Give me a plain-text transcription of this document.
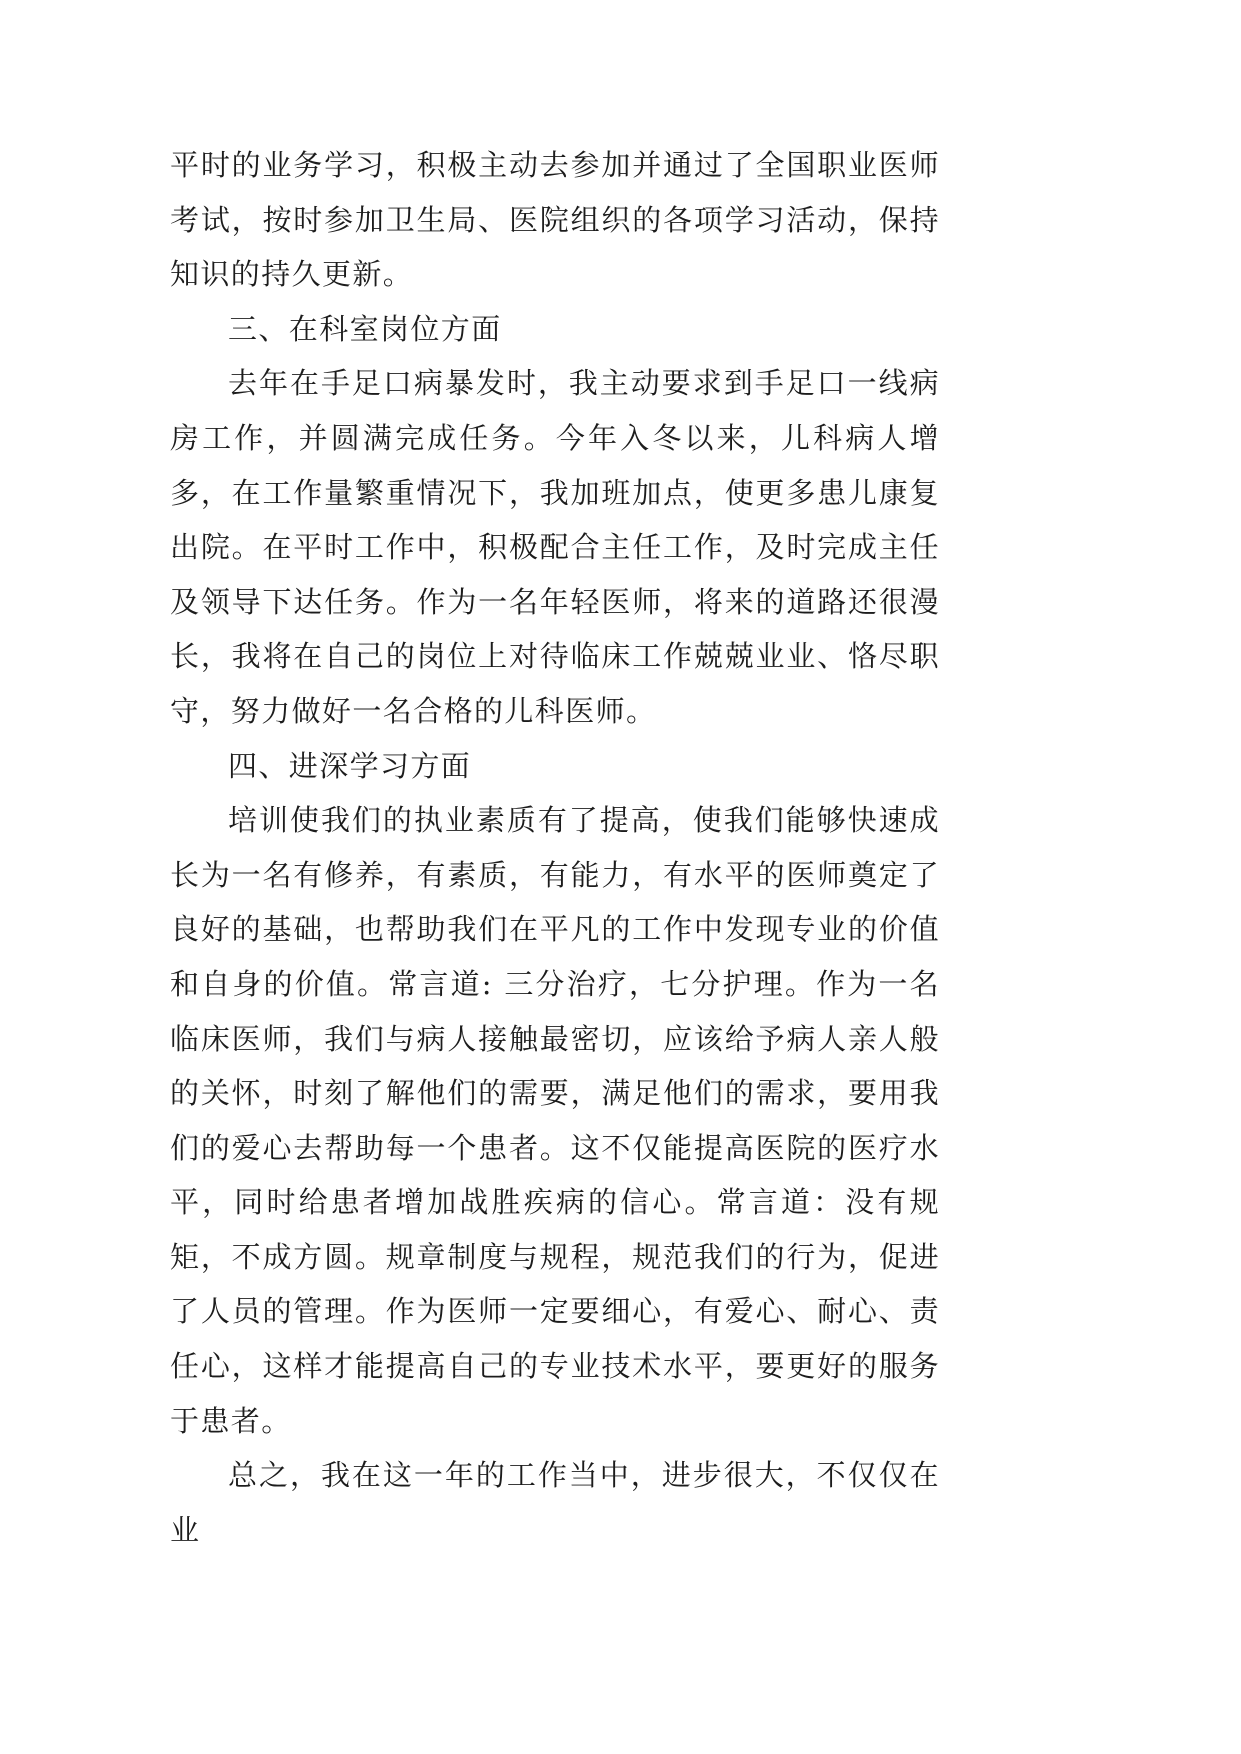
平时的业务学习，积极主动去参加并通过了全国职业医师考试，按时参加卫生局、医院组织的各项学习活动，保持知识的持久更新。

三、在科室岗位方面

去年在手足口病暴发时，我主动要求到手足口一线病房工作，并圆满完成任务。今年入冬以来，儿科病人增多，在工作量繁重情况下，我加班加点，使更多患儿康复出院。在平时工作中，积极配合主任工作，及时完成主任及领导下达任务。作为一名年轻医师，将来的道路还很漫长，我将在自己的岗位上对待临床工作兢兢业业、恪尽职守，努力做好一名合格的儿科医师。

四、进深学习方面

培训使我们的执业素质有了提高，使我们能够快速成长为一名有修养，有素质，有能力，有水平的医师奠定了良好的基础，也帮助我们在平凡的工作中发现专业的价值和自身的价值。常言道: 三分治疗，七分护理。作为一名临床医师，我们与病人接触最密切，应该给予病人亲人般的关怀，时刻了解他们的需要，满足他们的需求，要用我们的爱心去帮助每一个患者。这不仅能提高医院的医疗水平，同时给患者增加战胜疾病的信心。常言道：没有规矩，不成方圆。规章制度与规程，规范我们的行为，促进了人员的管理。作为医师一定要细心，有爱心、耐心、责任心，这样才能提高自己的专业技术水平，要更好的服务于患者。

总之，我在这一年的工作当中，进步很大，不仅仅在业
